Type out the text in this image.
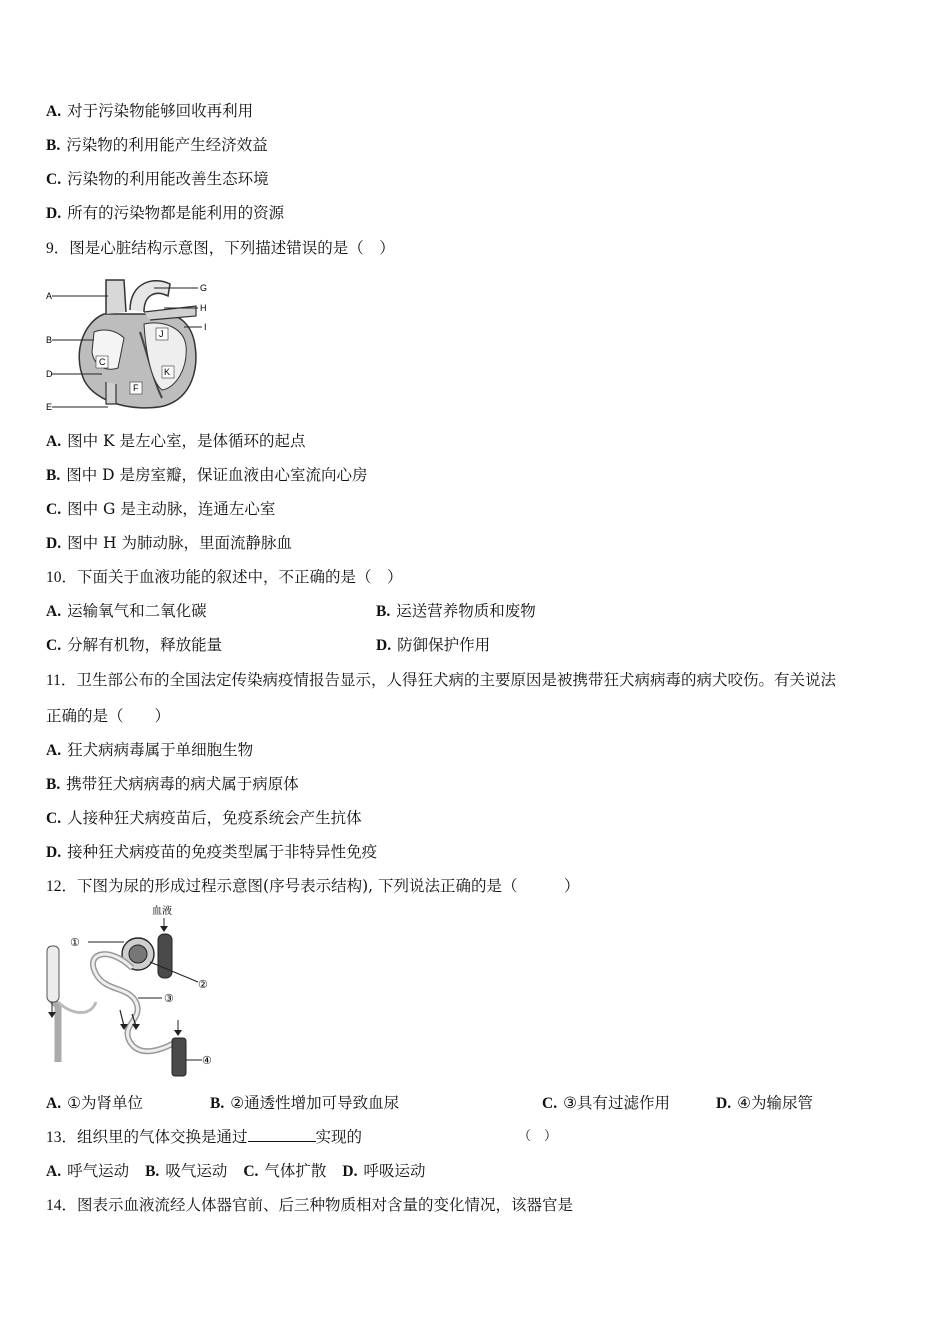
A. 对于污染物能够回收再利用
B. 污染物的利用能产生经济效益
C. 污染物的利用能改善生态环境
D. 所有的污染物都是能利用的资源
9．图是心脏结构示意图，下列描述错误的是（　）
A
B
D
E
G
H
I
C
F
J
K
A. 图中 K 是左心室，是体循环的起点
B. 图中 D 是房室瓣，保证血液由心室流向心房
C. 图中 G 是主动脉，连通左心室
D. 图中 H 为肺动脉，里面流静脉血
10．下面关于血液功能的叙述中，不正确的是（　）
A. 运输氧气和二氧化碳	B. 运送营养物质和废物
C. 分解有机物，释放能量	D. 防御保护作用
11．卫生部公布的全国法定传染病疫情报告显示，人得狂犬病的主要原因是被携带狂犬病病毒的病犬咬伤。有关说法
正确的是（　　）
A. 狂犬病病毒属于单细胞生物
B. 携带狂犬病病毒的病犬属于病原体
C. 人接种狂犬病疫苗后，免疫系统会产生抗体
D. 接种狂犬病疫苗的免疫类型属于非特异性免疫
12．下图为尿的形成过程示意图(序号表示结构), 下列说法正确的是（　　　）
血液
①
②
③
④
A. ①为肾单位	B. ②通透性增加可导致血尿	C. ③具有过滤作用	D. ④为输尿管
13．组织里的气体交换是通过	实现的	（　）
A. 呼气运动 B. 吸气运动 C. 气体扩散 D. 呼吸运动
14．图表示血液流经人体器官前、后三种物质相对含量的变化情况，该器官是
